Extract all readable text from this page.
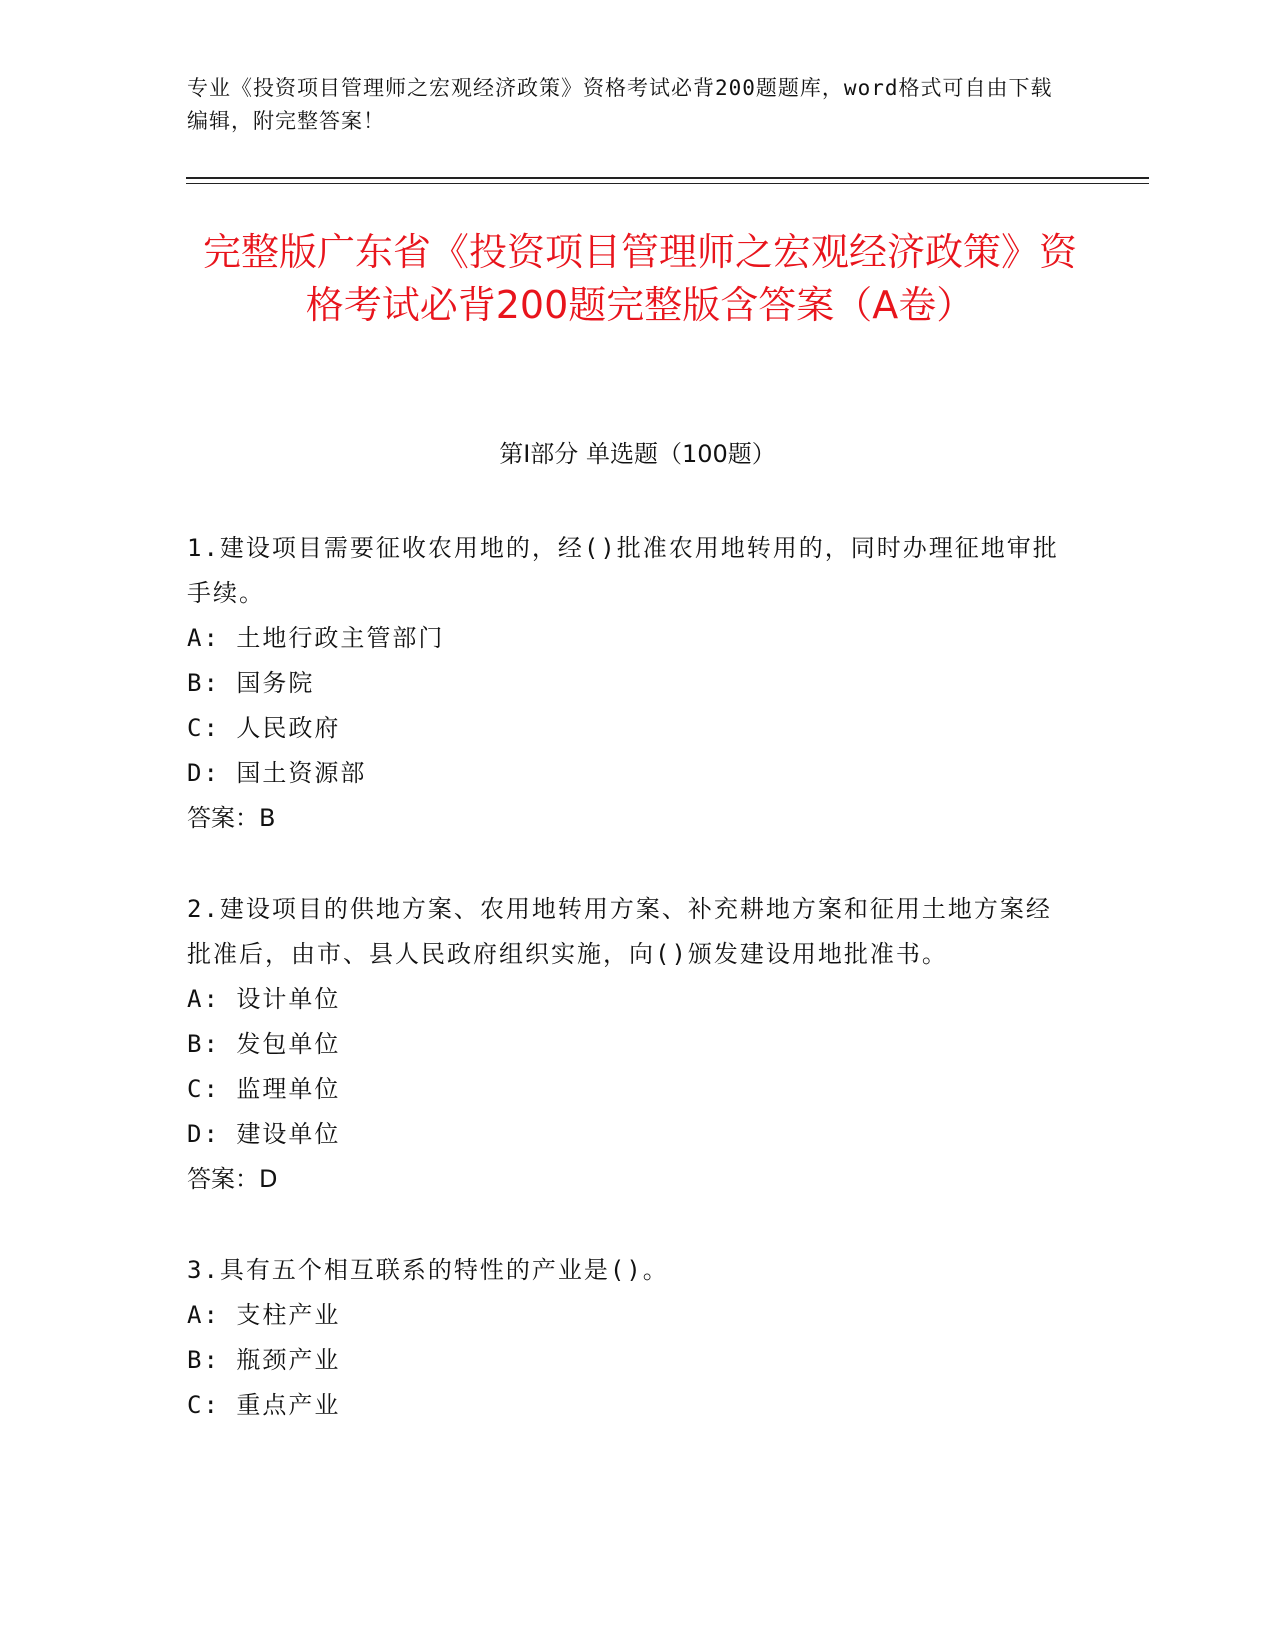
专业《投资项目管理师之宏观经济政策》资格考试必背200题题库，word格式可自由下载编辑，附完整答案！
完整版广东省《投资项目管理师之宏观经济政策》资格考试必背200题完整版含答案（A卷）
第I部分 单选题（100题）
1.建设项目需要征收农用地的，经()批准农用地转用的，同时办理征地审批手续。
A: 土地行政主管部门
B: 国务院
C: 人民政府
D: 国土资源部
答案：B
2.建设项目的供地方案、农用地转用方案、补充耕地方案和征用土地方案经批准后，由市、县人民政府组织实施，向()颁发建设用地批准书。
A: 设计单位
B: 发包单位
C: 监理单位
D: 建设单位
答案：D
3.具有五个相互联系的特性的产业是()。
A: 支柱产业
B: 瓶颈产业
C: 重点产业
